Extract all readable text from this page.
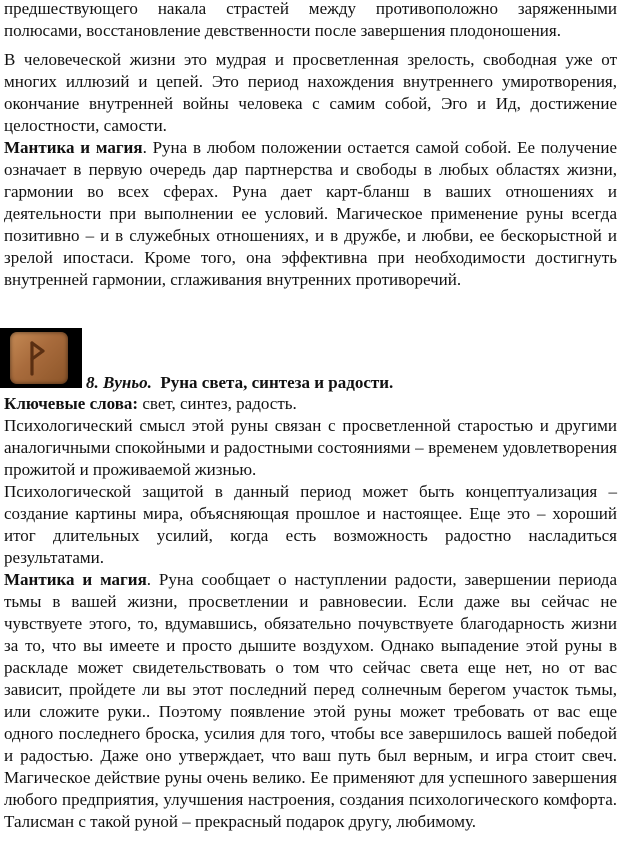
предшествующего накала страстей между противоположно заряженными полюсами, восстановление девственности после завершения плодоношения.

В человеческой жизни это мудрая и просветленная зрелость, свободная уже от многих иллюзий и цепей. Это период нахождения внутреннего умиротворения, окончание внутренней войны человека с самим собой, Эго и Ид, достижение целостности, самости.

Мантика и магия. Руна в любом положении остается самой собой. Ее получение означает в первую очередь дар партнерства и свободы в любых областях жизни, гармонии во всех сферах. Руна дает карт-бланш в ваших отношениях и деятельности при выполнении ее условий. Магическое применение руны всегда позитивно – и в служебных отношениях, и в дружбе, и любви, ее бескорыстной и зрелой ипостаси. Кроме того, она эффективна при необходимости достигнуть внутренней гармонии, сглаживания внутренних противоречий.

8. Вуньо. Руна света, синтеза и радости.

Ключевые слова: свет, синтез, радость.

Психологический смысл этой руны связан с просветленной старостью и другими аналогичными спокойными и радостными состояниями – временем удовлетворения прожитой и проживаемой жизнью.

Психологической защитой в данный период может быть концептуализация – создание картины мира, объясняющая прошлое и настоящее. Еще это – хороший итог длительных усилий, когда есть возможность радостно насладиться результатами.

Мантика и магия. Руна сообщает о наступлении радости, завершении периода тьмы в вашей жизни, просветлении и равновесии. Если даже вы сейчас не чувствуете этого, то, вдумавшись, обязательно почувствуете благодарность жизни за то, что вы имеете и просто дышите воздухом. Однако выпадение этой руны в раскладе может свидетельствовать о том что сейчас света еще нет, но от вас зависит, пройдете ли вы этот последний перед солнечным берегом участок тьмы, или сложите руки.. Поэтому появление этой руны может требовать от вас еще одного последнего броска, усилия для того, чтобы все завершилось вашей победой и радостью. Даже оно утверждает, что ваш путь был верным, и игра стоит свеч. Магическое действие руны очень велико. Ее применяют для успешного завершения любого предприятия, улучшения настроения, создания психологического комфорта. Талисман с такой руной – прекрасный подарок другу, любимому.
